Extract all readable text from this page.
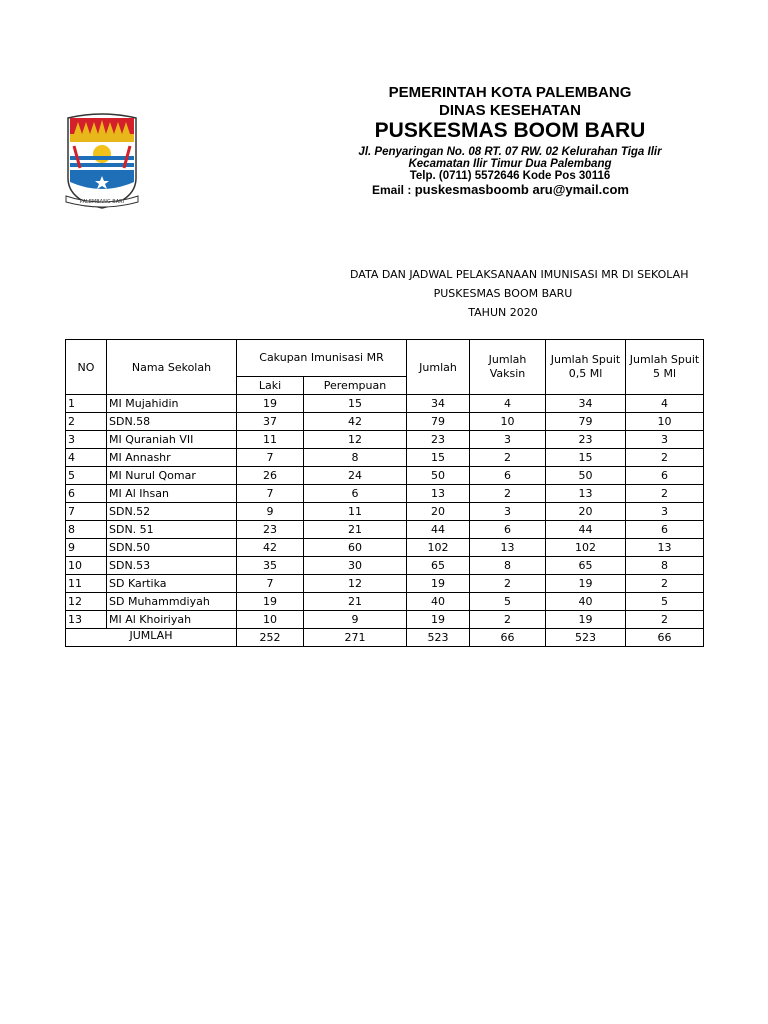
PALEMBANG BARI
PEMERINTAH KOTA PALEMBANG
DINAS KESEHATAN
PUSKESMAS BOOM BARU
Jl. Penyaringan No. 08 RT. 07 RW. 02 Kelurahan Tiga Ilir
Kecamatan Ilir Timur Dua Palembang
Telp. (0711) 5572646 Kode Pos 30116
Email : puskesmasboomb aru@ymail.com
DATA DAN JADWAL PELAKSANAAN IMUNISASI MR DI SEKOLAH
PUSKESMAS BOOM BARU
TAHUN 2020
NO	Nama Sekolah	Cakupan Imunisasi MR		Jumlah	Jumlah Vaksin	Jumlah Spuit 0,5 Ml	Jumlah Spuit 5 Ml
		Laki	Perempuan				
1	MI Mujahidin	19	15	34	4	34	4
2	SDN.58	37	42	79	10	79	10
3	MI Quraniah VII	11	12	23	3	23	3
4	MI Annashr	7	8	15	2	15	2
5	MI Nurul Qomar	26	24	50	6	50	6
6	MI Al Ihsan	7	6	13	2	13	2
7	SDN.52	9	11	20	3	20	3
8	SDN. 51	23	21	44	6	44	6
9	SDN.50	42	60	102	13	102	13
10	SDN.53	35	30	65	8	65	8
11	SD Kartika	7	12	19	2	19	2
12	SD Muhammdiyah	19	21	40	5	40	5
13	MI Al Khoiriyah	10	9	19	2	19	2
JUMLAH		252	271	523	66	523	66
